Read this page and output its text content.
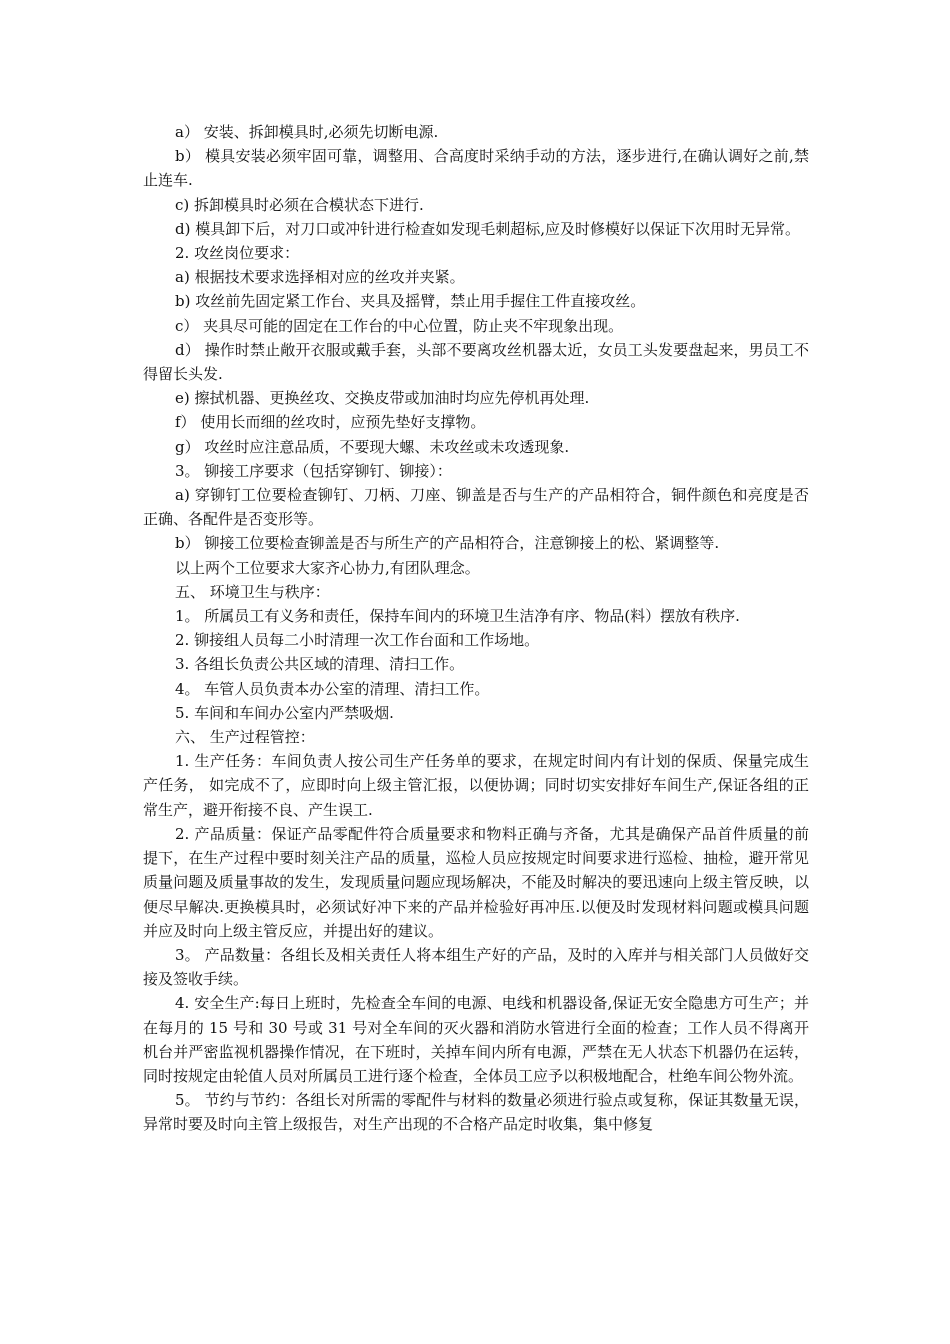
a） 安装、拆卸模具时,必须先切断电源.

b） 模具安装必须牢固可靠，调整用、合高度时采纳手动的方法，逐步进行,在确认调好之前,禁止连车.

c) 拆卸模具时必须在合模状态下进行.

d) 模具卸下后，对刀口或冲针进行检查如发现毛刺超标,应及时修模好以保证下次用时无异常。

2. 攻丝岗位要求：

a) 根据技术要求选择相对应的丝攻并夹紧。

b) 攻丝前先固定紧工作台、夹具及摇臂，禁止用手握住工件直接攻丝。

c） 夹具尽可能的固定在工作台的中心位置，防止夹不牢现象出现。

d） 操作时禁止敞开衣服或戴手套，头部不要离攻丝机器太近，女员工头发要盘起来，男员工不得留长头发.

e) 擦拭机器、更换丝攻、交换皮带或加油时均应先停机再处理.

f） 使用长而细的丝攻时，应预先垫好支撑物。

g） 攻丝时应注意品质，不要现大螺、未攻丝或未攻透现象.

3。 铆接工序要求（包括穿铆钉、铆接）：

a) 穿铆钉工位要检查铆钉、刀柄、刀座、铆盖是否与生产的产品相符合，铜件颜色和亮度是否正确、各配件是否变形等。

b） 铆接工位要检查铆盖是否与所生产的产品相符合，注意铆接上的松、紧调整等.

以上两个工位要求大家齐心协力,有团队理念。

五、 环境卫生与秩序：

1。 所属员工有义务和责任，保持车间内的环境卫生洁净有序、物品(料）摆放有秩序.

2. 铆接组人员每二小时清理一次工作台面和工作场地。

3. 各组长负责公共区域的清理、清扫工作。

4。 车管人员负责本办公室的清理、清扫工作。

5. 车间和车间办公室内严禁吸烟.

六、 生产过程管控：

1. 生产任务：车间负责人按公司生产任务单的要求，在规定时间内有计划的保质、保量完成生产任务， 如完成不了，应即时向上级主管汇报，以便协调；同时切实安排好车间生产,保证各组的正常生产，避开衔接不良、产生误工.

2. 产品质量：保证产品零配件符合质量要求和物料正确与齐备，尤其是确保产品首件质量的前提下，在生产过程中要时刻关注产品的质量，巡检人员应按规定时间要求进行巡检、抽检，避开常见质量问题及质量事故的发生，发现质量问题应现场解决，不能及时解决的要迅速向上级主管反映，以便尽早解决.更换模具时，必须试好冲下来的产品并检验好再冲压.以便及时发现材料问题或模具问题并应及时向上级主管反应，并提出好的建议。

3。 产品数量：各组长及相关责任人将本组生产好的产品，及时的入库并与相关部门人员做好交接及签收手续。

4. 安全生产:每日上班时，先检查全车间的电源、电线和机器设备,保证无安全隐患方可生产；并在每月的 15 号和 30 号或 31 号对全车间的灭火器和消防水管进行全面的检查；工作人员不得离开机台并严密监视机器操作情况，在下班时，关掉车间内所有电源，严禁在无人状态下机器仍在运转，同时按规定由轮值人员对所属员工进行逐个检查，全体员工应予以积极地配合，杜绝车间公物外流。

5。 节约与节约：各组长对所需的零配件与材料的数量必须进行验点或复称，保证其数量无误，异常时要及时向主管上级报告，对生产出现的不合格产品定时收集，集中修复
